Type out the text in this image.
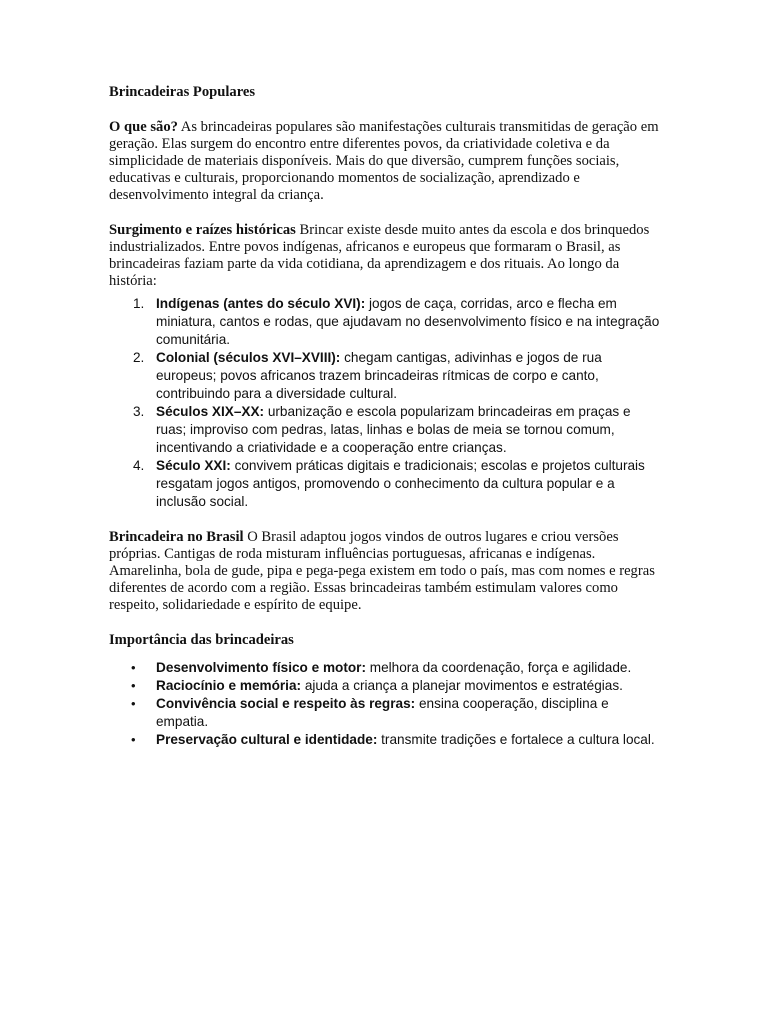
Brincadeiras Populares

O que são? As brincadeiras populares são manifestações culturais transmitidas de geração em geração. Elas surgem do encontro entre diferentes povos, da criatividade coletiva e da simplicidade de materiais disponíveis. Mais do que diversão, cumprem funções sociais, educativas e culturais, proporcionando momentos de socialização, aprendizado e desenvolvimento integral da criança.

Surgimento e raízes históricas Brincar existe desde muito antes da escola e dos brinquedos industrializados. Entre povos indígenas, africanos e europeus que formaram o Brasil, as brincadeiras faziam parte da vida cotidiana, da aprendizagem e dos rituais. Ao longo da história:

1. Indígenas (antes do século XVI): jogos de caça, corridas, arco e flecha em miniatura, cantos e rodas, que ajudavam no desenvolvimento físico e na integração comunitária.
2. Colonial (séculos XVI–XVIII): chegam cantigas, adivinhas e jogos de rua europeus; povos africanos trazem brincadeiras rítmicas de corpo e canto, contribuindo para a diversidade cultural.
3. Séculos XIX–XX: urbanização e escola popularizam brincadeiras em praças e ruas; improviso com pedras, latas, linhas e bolas de meia se tornou comum, incentivando a criatividade e a cooperação entre crianças.
4. Século XXI: convivem práticas digitais e tradicionais; escolas e projetos culturais resgatam jogos antigos, promovendo o conhecimento da cultura popular e a inclusão social.

Brincadeira no Brasil O Brasil adaptou jogos vindos de outros lugares e criou versões próprias. Cantigas de roda misturam influências portuguesas, africanas e indígenas. Amarelinha, bola de gude, pipa e pega-pega existem em todo o país, mas com nomes e regras diferentes de acordo com a região. Essas brincadeiras também estimulam valores como respeito, solidariedade e espírito de equipe.

Importância das brincadeiras
• Desenvolvimento físico e motor: melhora da coordenação, força e agilidade.
• Raciocínio e memória: ajuda a criança a planejar movimentos e estratégias.
• Convivência social e respeito às regras: ensina cooperação, disciplina e empatia.
• Preservação cultural e identidade: transmite tradições e fortalece a cultura local.
